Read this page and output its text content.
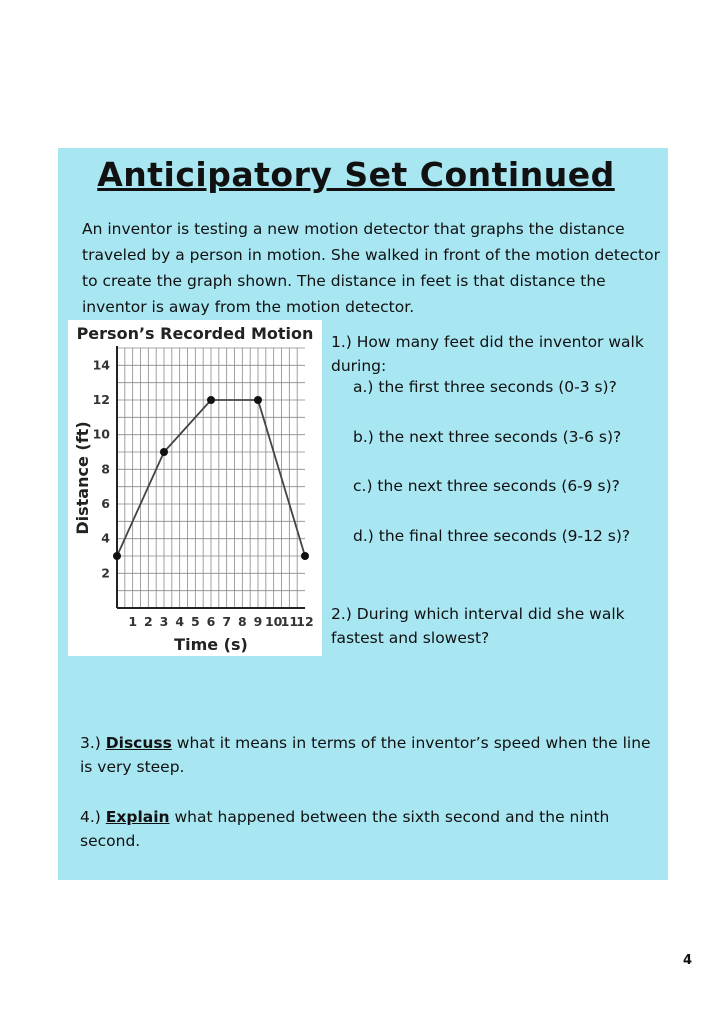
Anticipatory Set Continued

An inventor is testing a new motion detector that graphs the distance traveled by a person in motion. She walked in front of the motion detector to create the graph shown. The distance in feet is that distance the inventor is away from the motion detector.

Person’s Recorded Motion
1 2 3 4 5 6 7 8 9 10
11
12
2
4
6
8
10
12
14
Time (s)
Distance (ft)

1.) How many feet did the inventor walk during:

a.) the first three seconds (0-3 s)?

b.) the next three seconds (3-6 s)?

c.) the next three seconds (6-9 s)?

d.) the final three seconds (9-12 s)?

2.) During which interval did she walk fastest and slowest?

3.) Discuss what it means in terms of the inventor’s speed when the line is very steep.

4.) Explain what happened between the sixth second and the ninth second.

4
